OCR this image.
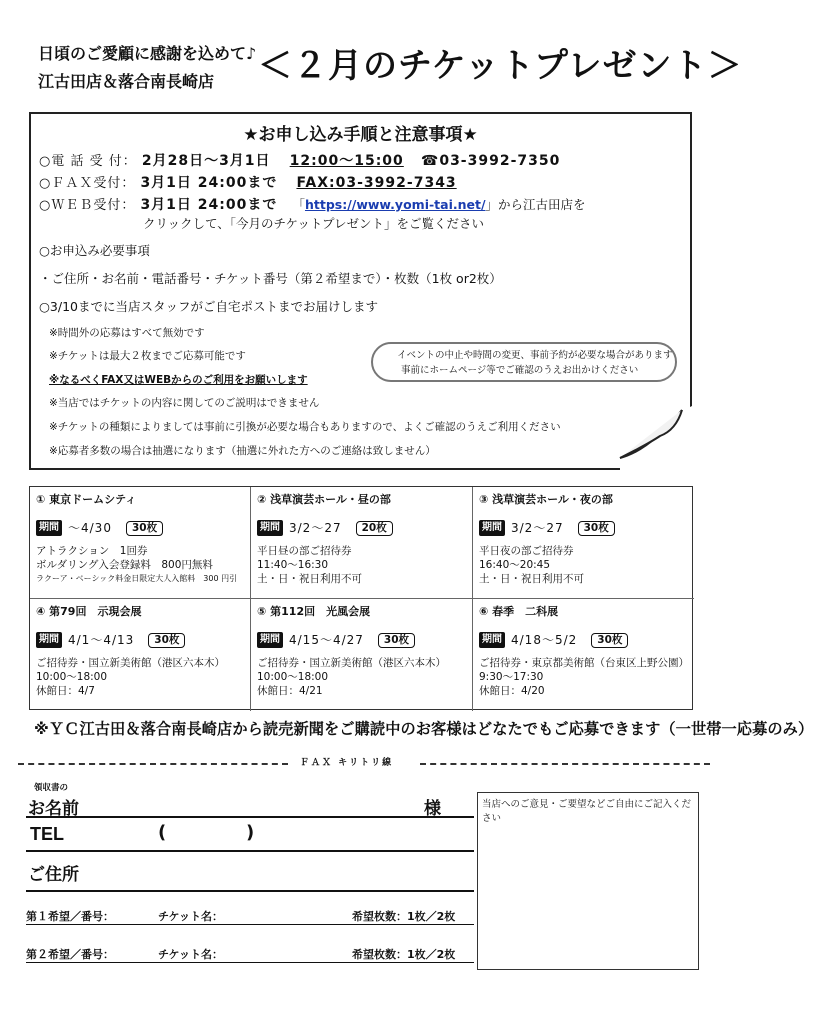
日頃のご愛顧に感謝を込めて♪
江古田店＆落合南長崎店	＜２月のチケットプレゼント＞
★お申し込み手順と注意事項★
○電 話 受 付： 2月28日～3月1日 12:00～15:00 ☎03-3992-7350
○ＦＡＸ受付： 3月1日 24:00まで FAX:03-3992-7343
○ＷＥＢ受付： 3月1日 24:00まで 「https://www.yomi-tai.net/」から江古田店を
クリックして、「今月のチケットプレゼント」をご覧ください
○お申込み必要事項
・ご住所・お名前・電話番号・チケット番号（第２希望まで）・枚数（1枚 or2枚）
○3/10までに当店スタッフがご自宅ポストまでお届けします
※時間外の応募はすべて無効です
※チケットは最大２枚までご応募可能です
※なるべくFAX又はWEBからのご利用をお願いします
※当店ではチケットの内容に関してのご説明はできません
※チケットの種類によりましては事前に引換が必要な場合もありますので、よくご確認のうえご利用ください
※応募者多数の場合は抽選になります（抽選に外れた方へのご連絡は致しません）
イベントの中止や時間の変更、事前予約が必要な場合があります
事前にホームページ等でご確認のうえお出かけください
① 東京ドームシティ
期間 ～4/30	30枚
アトラクション　1回券
ボルダリング入会登録料　800円無料
ラクーア・ベーシック料金日限定大人入館料　300 円引
② 浅草演芸ホール・昼の部
期間 3/2～27	20枚
平日昼の部ご招待券
11:40～16:30
土・日・祝日利用不可
③ 浅草演芸ホール・夜の部
期間 3/2～27	30枚
平日夜の部ご招待券
16:40～20:45
土・日・祝日利用不可
④ 第79回　示現会展
期間 4/1～4/13	30枚
ご招待券・国立新美術館（港区六本木）
10:00～18:00
休館日：4/7
⑤ 第112回　光風会展
期間 4/15～4/27	30枚
ご招待券・国立新美術館（港区六本木）
10:00～18:00
休館日：4/21
⑥ 春季　二科展
期間 4/18～5/2	30枚
ご招待券・東京都美術館（台東区上野公園）
9:30～17:30
休館日：4/20
※ＹＣ江古田＆落合南長崎店から読売新聞をご購読中のお客様はどなたでもご応募できます（一世帯一応募のみ）
ＦＡＸ キリトリ線
領収書の
お名前	様
TEL	(	)
ご住所
第１希望／番号：	チケット名：	希望枚数：1枚／2枚
第２希望／番号：	チケット名：	希望枚数：1枚／2枚
当店へのご意見・ご要望などご自由にご記入ください
